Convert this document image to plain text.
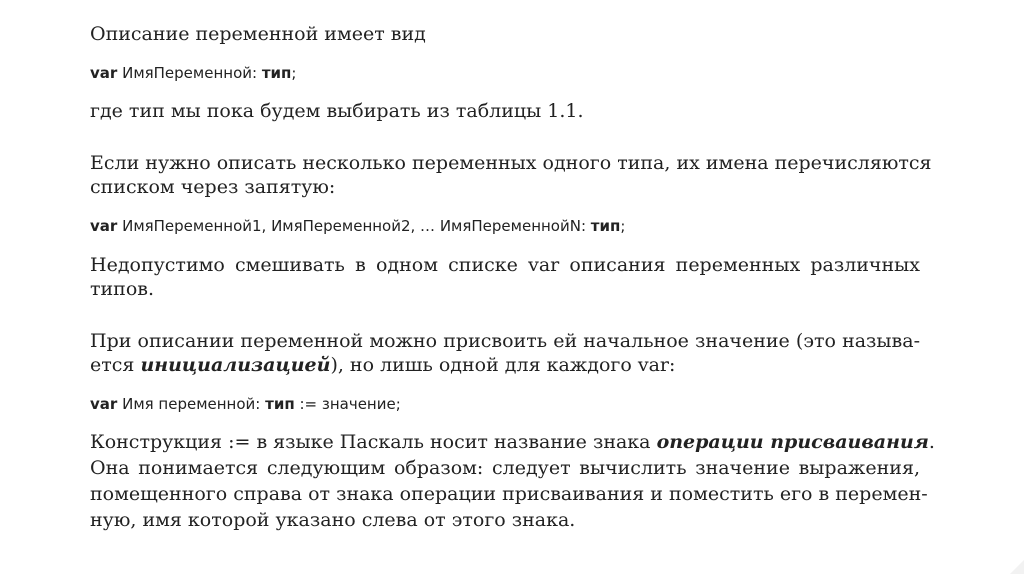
Описание переменной имеет вид
var ИмяПеременной: тип;
где тип мы пока будем выбирать из таблицы 1.1.
Если нужно описать несколько переменных одного типа, их имена перечисляются
списком через запятую:
var ИмяПеременной1, ИмяПеременной2, … ИмяПеременнойN: тип;
Недопустимо смешивать в одном списке var описания переменных различных
типов.
При описании переменной можно присвоить ей начальное значение (это называ-
ется инициализацией), но лишь одной для каждого var:
var Имя переменной: тип := значение;
Конструкция := в языке Паскаль носит название знака операции присваивания.
Она понимается следующим образом: следует вычислить значение выражения,
помещенного справа от знака операции присваивания и поместить его в перемен-
ную, имя которой указано слева от этого знака.
